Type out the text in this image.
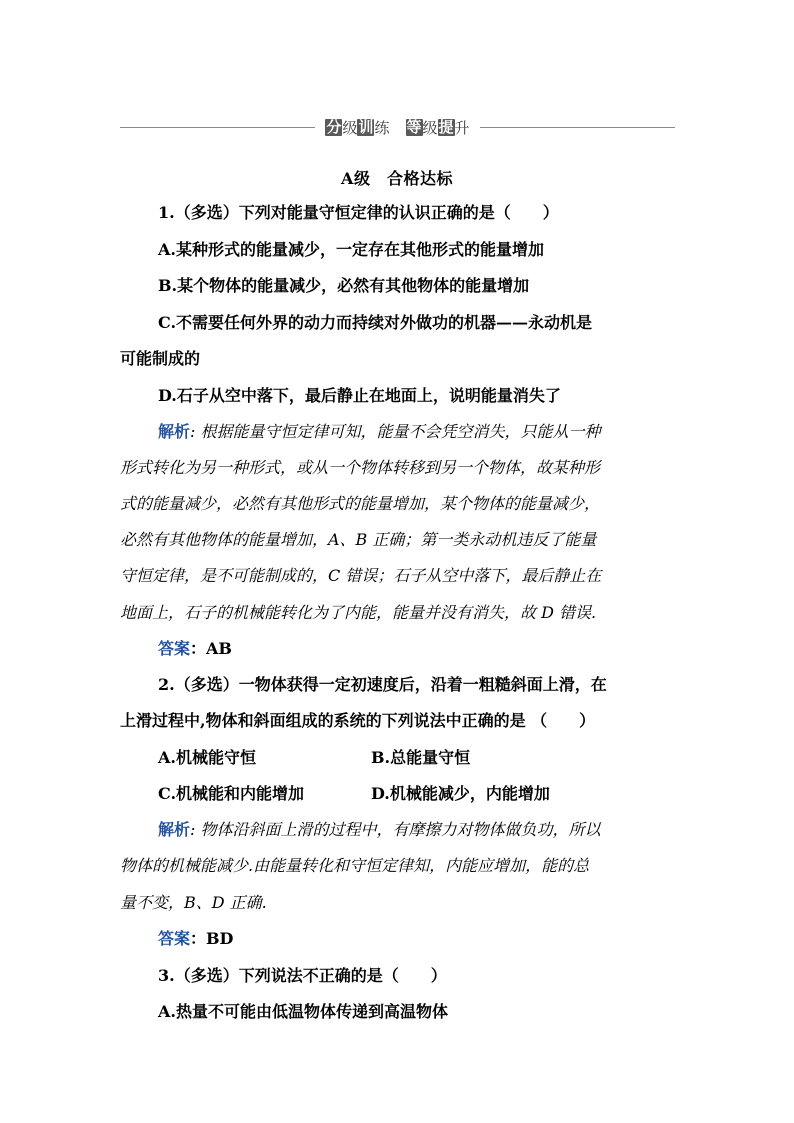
分 级 训 练 等 级 提 升
A级　合格达标
1.（多选）下列对能量守恒定律的认识正确的是（　　）
A.某种形式的能量减少，一定存在其他形式的能量增加
B.某个物体的能量减少，必然有其他物体的能量增加
C.不需要任何外界的动力而持续对外做功的机器——永动机是
可能制成的
D.石子从空中落下，最后静止在地面上，说明能量消失了
解析: 根据能量守恒定律可知，能量不会凭空消失，只能从一种
形式转化为另一种形式，或从一个物体转移到另一个物体，故某种形
式的能量减少，必然有其他形式的能量增加，某个物体的能量减少，
必然有其他物体的能量增加，A、B 正确；第一类永动机违反了能量
守恒定律，是不可能制成的，C 错误；石子从空中落下，最后静止在
地面上，石子的机械能转化为了内能，能量并没有消失，故 D 错误.
答案：AB
2.（多选）一物体获得一定初速度后，沿着一粗糙斜面上滑，在
上滑过程中,物体和斜面组成的系统的下列说法中正确的是 （　　）
A.机械能守恒	B.总能量守恒
C.机械能和内能增加	D.机械能减少，内能增加
解析: 物体沿斜面上滑的过程中，有摩擦力对物体做负功，所以
物体的机械能减少.由能量转化和守恒定律知，内能应增加，能的总
量不变，B、D 正确.
答案：BD
3.（多选）下列说法不正确的是（　　）
A.热量不可能由低温物体传递到高温物体
